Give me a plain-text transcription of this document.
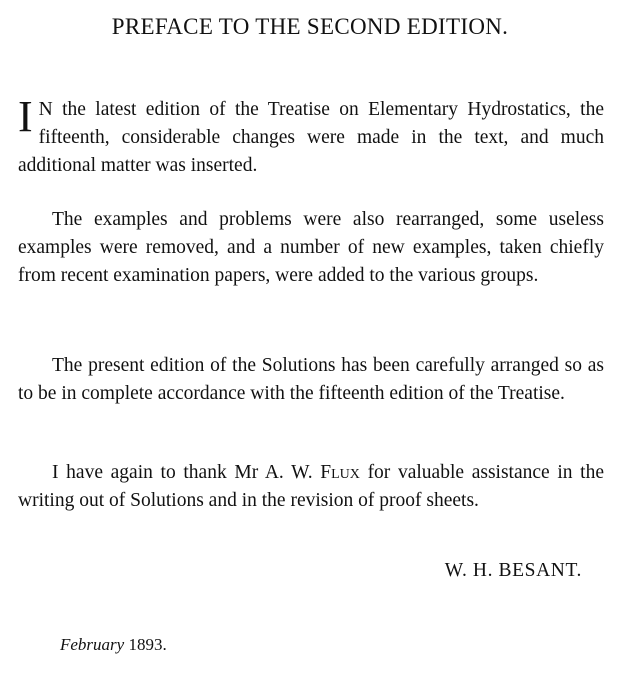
PREFACE TO THE SECOND EDITION.
I N the latest edition of the Treatise on Elementary Hydrostatics, the fifteenth, considerable changes were made in the text, and much additional matter was inserted.
The examples and problems were also rearranged, some useless examples were removed, and a number of new examples, taken chiefly from recent examination papers, were added to the various groups.
The present edition of the Solutions has been carefully arranged so as to be in complete accordance with the fifteenth edition of the Treatise.
I have again to thank Mr A. W. Flux for valuable assistance in the writing out of Solutions and in the revision of proof sheets.
W. H. BESANT.
February 1893.
